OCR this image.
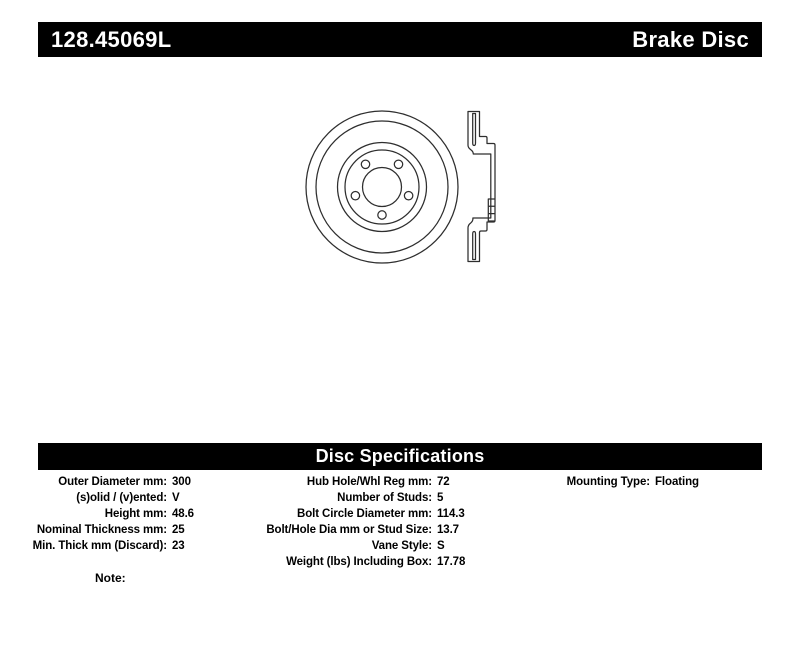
128.45069L	Brake Disc
Disc Specifications
Outer Diameter mm: 300
(s)olid / (v)ented: V
Height mm: 48.6
Nominal Thickness mm: 25
Min. Thick mm (Discard): 23
Hub Hole/Whl Reg mm: 72
Number of Studs: 5
Bolt Circle Diameter mm: 114.3
Bolt/Hole Dia mm or Stud Size: 13.7
Vane Style: S
Weight (lbs) Including Box: 17.78
Mounting Type: Floating
Note:
